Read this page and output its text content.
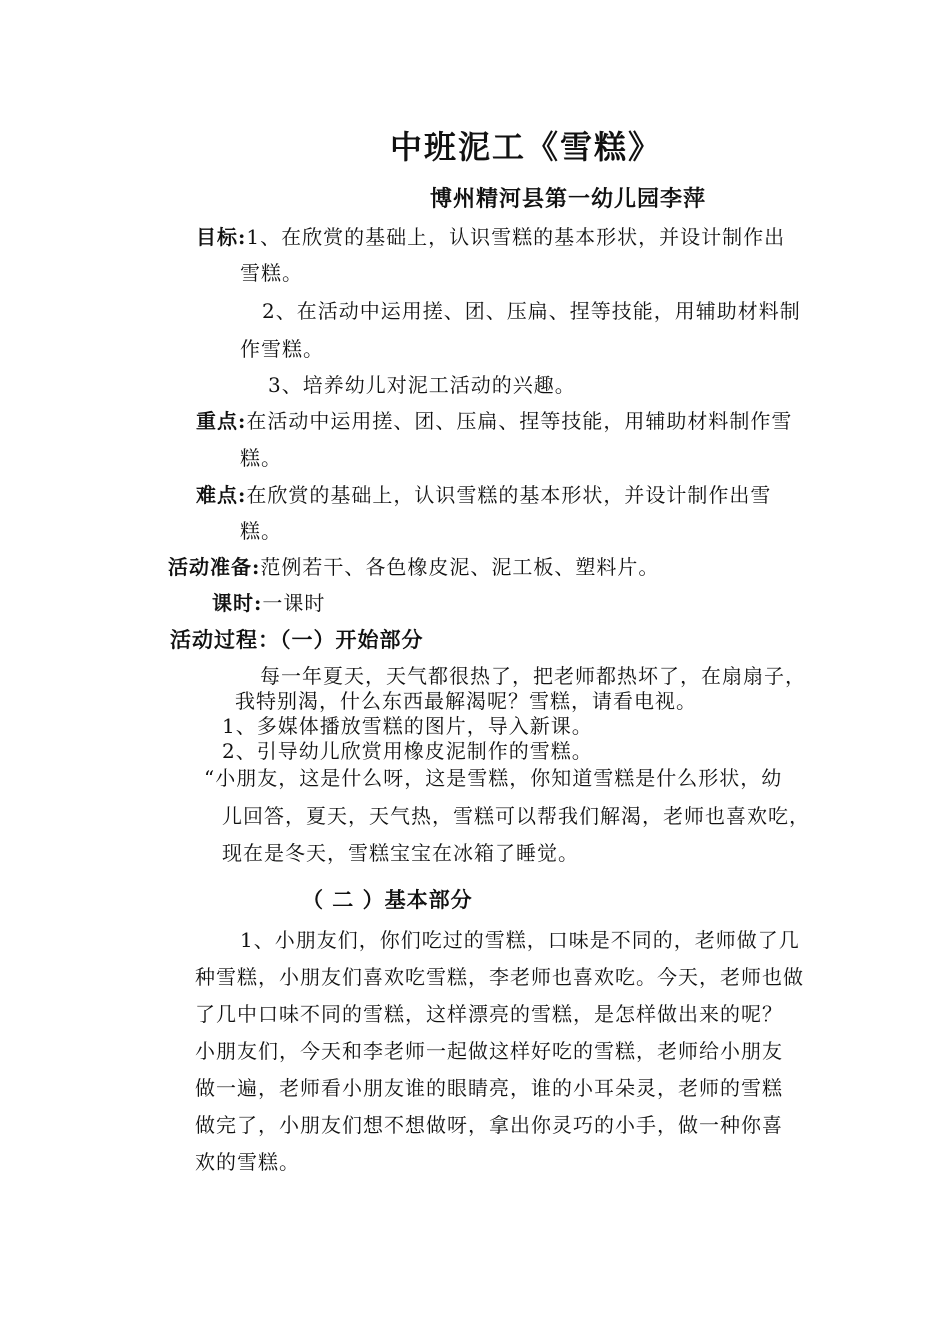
中班泥工《雪糕》
博州精河县第一幼儿园李萍
目标:1、在欣赏的基础上，认识雪糕的基本形状，并设计制作出
雪糕。
2、在活动中运用搓、团、压扁、捏等技能，用辅助材料制
作雪糕。
3、培养幼儿对泥工活动的兴趣。
重点:在活动中运用搓、团、压扁、捏等技能，用辅助材料制作雪
糕。
难点:在欣赏的基础上，认识雪糕的基本形状，并设计制作出雪
糕。
活动准备:范例若干、各色橡皮泥、泥工板、塑料片。
课时:一课时
活动过程：（一）开始部分
每一年夏天，天气都很热了，把老师都热坏了，在扇扇子，
我特别渴，什么东西最解渴呢？雪糕，请看电视。
1、多媒体播放雪糕的图片，导入新课。
2、引导幼儿欣赏用橡皮泥制作的雪糕。
“小朋友，这是什么呀，这是雪糕，你知道雪糕是什么形状，幼
儿回答，夏天，天气热，雪糕可以帮我们解渴，老师也喜欢吃，
现在是冬天，雪糕宝宝在冰箱了睡觉。
（ 二 ）基本部分
1、小朋友们，你们吃过的雪糕，口味是不同的，老师做了几
种雪糕，小朋友们喜欢吃雪糕，李老师也喜欢吃。今天，老师也做
了几中口味不同的雪糕，这样漂亮的雪糕，是怎样做出来的呢？
小朋友们，今天和李老师一起做这样好吃的雪糕，老师给小朋友
做一遍，老师看小朋友谁的眼睛亮，谁的小耳朵灵，老师的雪糕
做完了，小朋友们想不想做呀，拿出你灵巧的小手，做一种你喜
欢的雪糕。
